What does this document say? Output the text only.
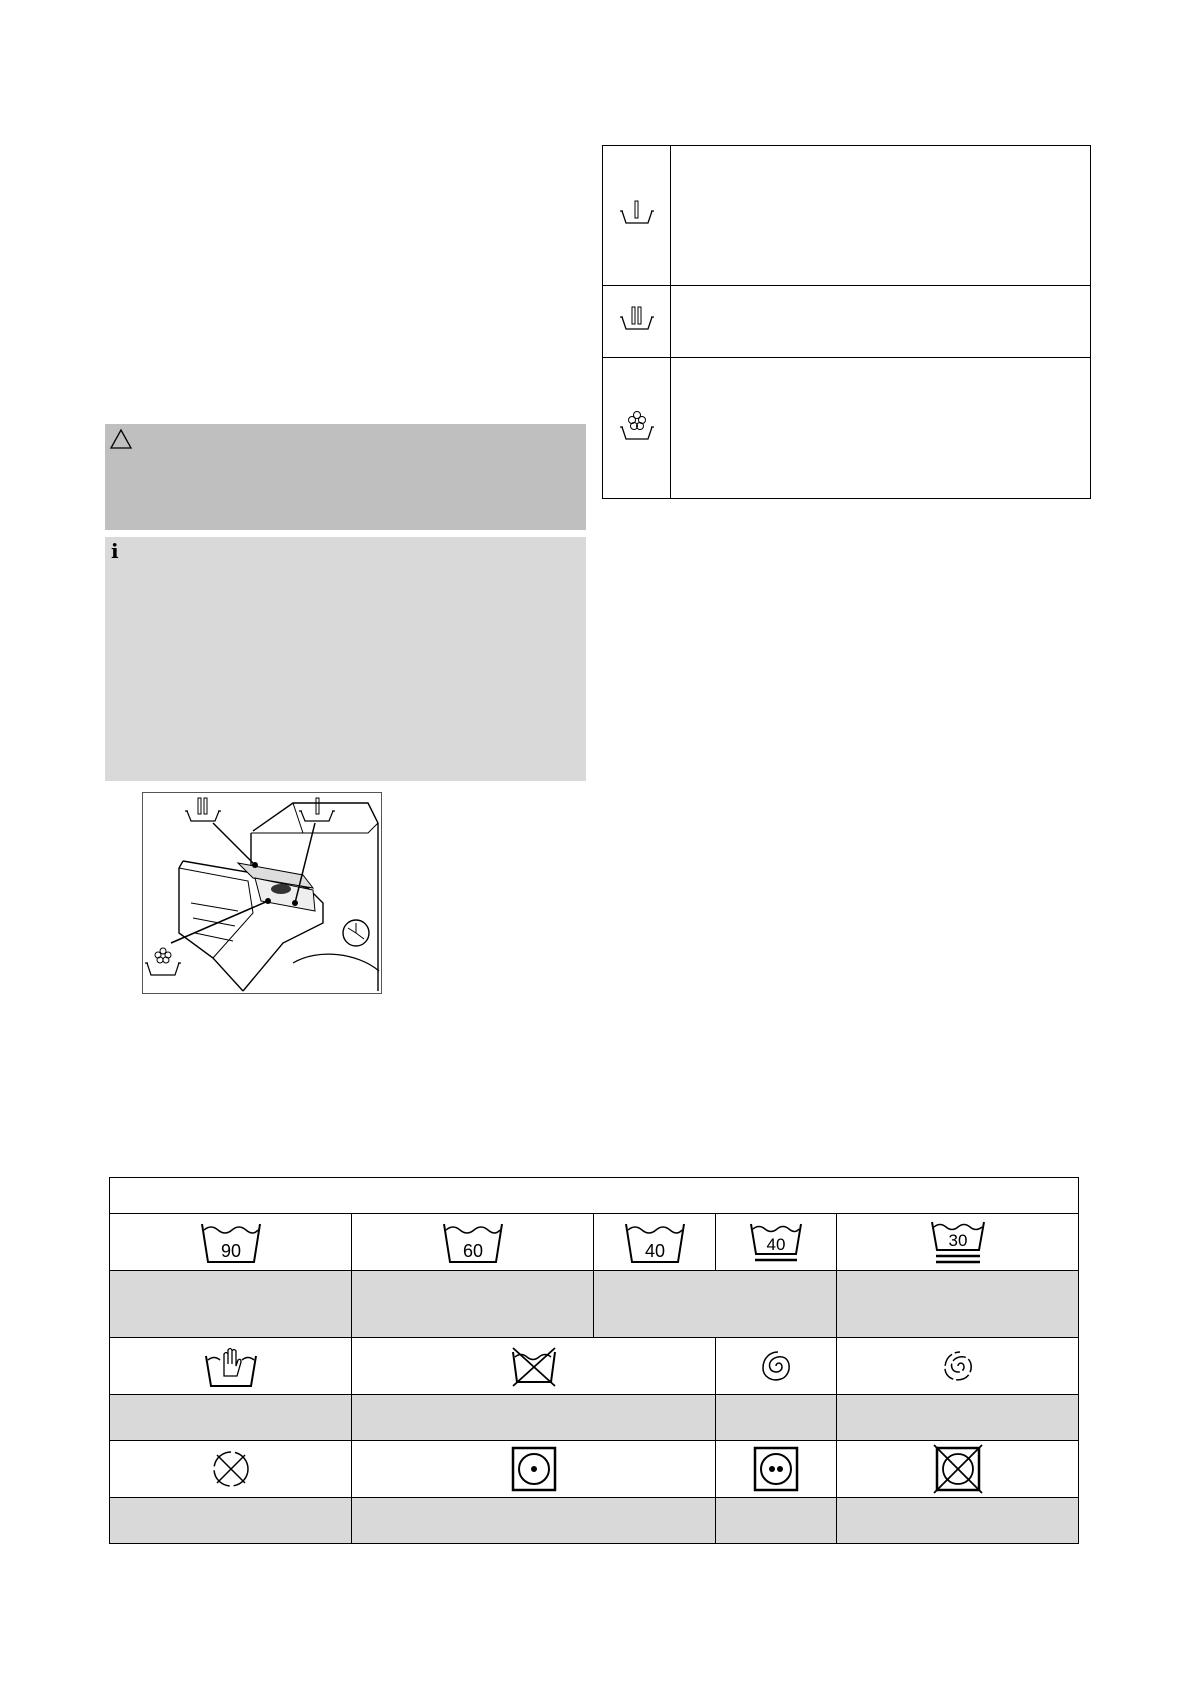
i

90	60	40	40	30
